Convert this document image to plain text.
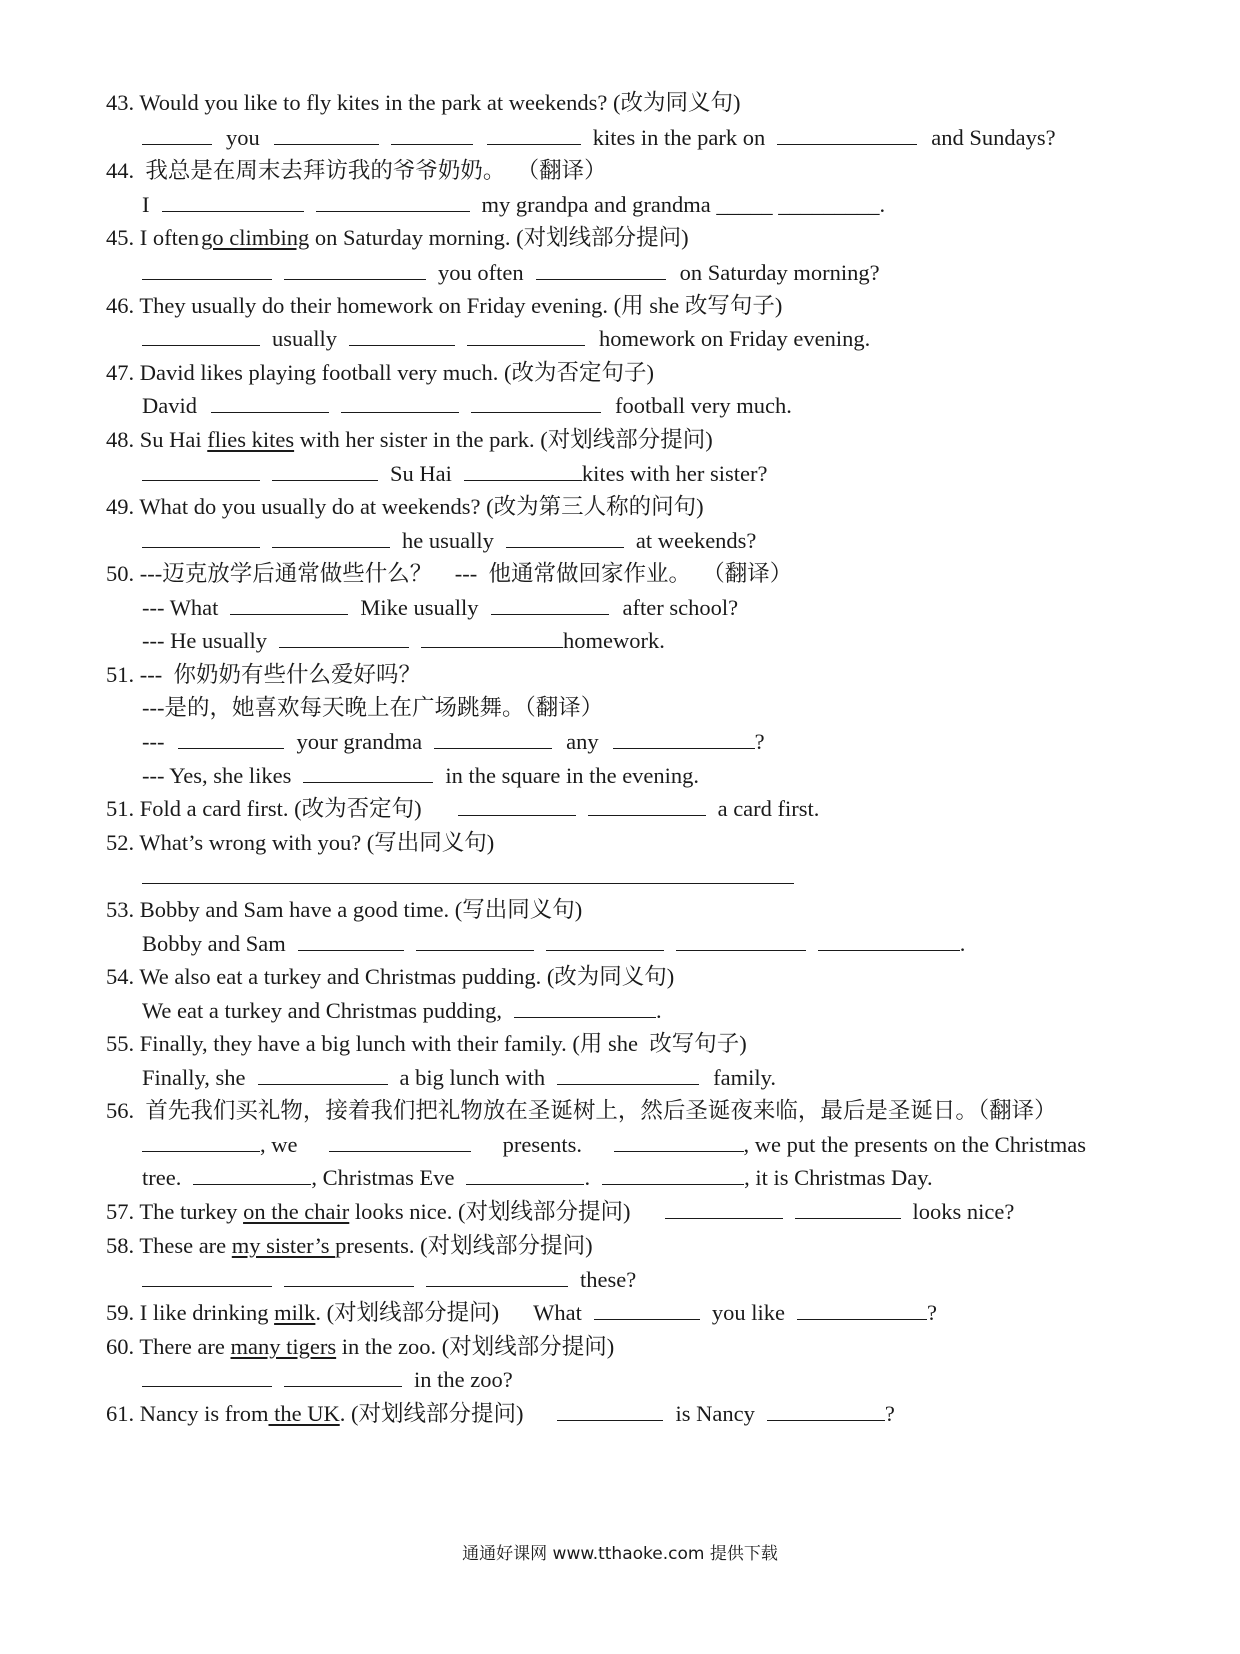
43. Would you like to fly kites in the park at weekends? (改为同义句)
you	kites in the park on	and Sundays?
44.  我总是在周末去拜访我的爷爷奶奶。  （翻译）
I	my grandpa and grandma _____ _________.
45. I oftengo climbing on Saturday morning. (对划线部分提问)
you often	on Saturday morning?
46. They usually do their homework on Friday evening. (用 she 改写句子)
usually	homework on Friday evening.
47. David likes playing football very much. (改为否定句子)
David	football very much.
48. Su Hai flies kites with her sister in the park. (对划线部分提问)
Su Hai	kites with her sister?
49. What do you usually do at weekends? (改为第三人称的问句)
he usually	at weekends?
50. ---迈克放学后通常做些什么？    ---  他通常做回家作业。  （翻译）
--- What	Mike usually	after school?
--- He usually	homework.
51. ---  你奶奶有些什么爱好吗？
---是的，她喜欢每天晚上在广场跳舞。（翻译）
---	your grandma	any	?
--- Yes, she likes	in the square in the evening.
51. Fold a card first. (改为否定句)	a card first.
52. What’s wrong with you? (写出同义句)
53. Bobby and Sam have a good time. (写出同义句)
Bobby and Sam	.
54. We also eat a turkey and Christmas pudding. (改为同义句)
We eat a turkey and Christmas pudding,	.
55. Finally, they have a big lunch with their family. (用 she  改写句子)
Finally, she	a big lunch with	family.
56.  首先我们买礼物，接着我们把礼物放在圣诞树上，然后圣诞夜来临，最后是圣诞日。（翻译）
, we	presents.	, we put the presents on the Christmas
tree.	, Christmas Eve	.	, it is Christmas Day.
57. The turkey on the chair looks nice. (对划线部分提问)	looks nice?
58. These are my sister’s presents. (对划线部分提问)
these?
59. I like drinking milk. (对划线部分提问) What	you like	?
60. There are many tigers in the zoo. (对划线部分提问)
in the zoo?
61. Nancy is from the UK. (对划线部分提问)	is Nancy	?
通通好课网 www.tthaoke.com 提供下载
